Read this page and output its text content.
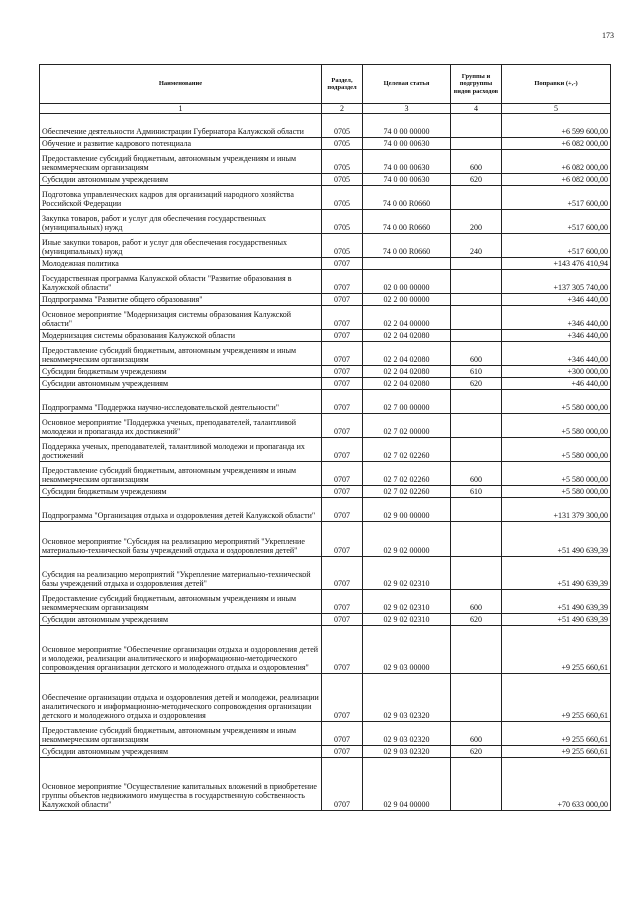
173
Наименование	Раздел, подраздел	Целевая статья	Группы и подгруппы видов расходов	Поправки (+,-)
1	2	3	4	5
Обеспечение деятельности Администрации Губернатора Калужской области	0705	74 0 00 00000		+6 599 600,00
Обучение и развитие кадрового потенциала	0705	74 0 00 00630		+6 082 000,00
Предоставление субсидий бюджетным, автономным учреждениям и иным некоммерческим организациям	0705	74 0 00 00630	600	+6 082 000,00
Субсидии автономным учреждениям	0705	74 0 00 00630	620	+6 082 000,00
Подготовка управленческих кадров для организаций народного хозяйства Российской Федерации	0705	74 0 00 R0660		+517 600,00
Закупка товаров, работ и услуг для обеспечения государственных (муниципальных) нужд	0705	74 0 00 R0660	200	+517 600,00
Иные закупки товаров, работ и услуг для обеспечения государственных (муниципальных) нужд	0705	74 0 00 R0660	240	+517 600,00
Молодежная политика	0707			+143 476 410,94
Государственная программа Калужской области "Развитие образования в Калужской области"	0707	02 0 00 00000		+137 305 740,00
Подпрограмма "Развитие общего образования"	0707	02 2 00 00000		+346 440,00
Основное мероприятие "Модернизация системы образования Калужской области"	0707	02 2 04 00000		+346 440,00
Модернизация системы образования Калужской области	0707	02 2 04 02080		+346 440,00
Предоставление субсидий бюджетным, автономным учреждениям и иным некоммерческим организациям	0707	02 2 04 02080	600	+346 440,00
Субсидии бюджетным учреждениям	0707	02 2 04 02080	610	+300 000,00
Субсидии автономным учреждениям	0707	02 2 04 02080	620	+46 440,00
Подпрограмма "Поддержка научно-исследовательской деятельности"	0707	02 7 00 00000		+5 580 000,00
Основное мероприятие "Поддержка ученых, преподавателей, талантливой молодежи и пропаганда их достижений"	0707	02 7 02 00000		+5 580 000,00
Поддержка ученых, преподавателей, талантливой молодежи и пропаганда их достижений	0707	02 7 02 02260		+5 580 000,00
Предоставление субсидий бюджетным, автономным учреждениям и иным некоммерческим организациям	0707	02 7 02 02260	600	+5 580 000,00
Субсидии бюджетным учреждениям	0707	02 7 02 02260	610	+5 580 000,00
Подпрограмма "Организация отдыха и оздоровления детей Калужской области"	0707	02 9 00 00000		+131 379 300,00
Основное мероприятие "Субсидия на реализацию мероприятий "Укрепление материально-технической базы учреждений отдыха и оздоровления детей"	0707	02 9 02 00000		+51 490 639,39
Субсидия на реализацию мероприятий "Укрепление материально-технической базы учреждений отдыха и оздоровления детей"	0707	02 9 02 02310		+51 490 639,39
Предоставление субсидий бюджетным, автономным учреждениям и иным некоммерческим организациям	0707	02 9 02 02310	600	+51 490 639,39
Субсидии автономным учреждениям	0707	02 9 02 02310	620	+51 490 639,39
Основное мероприятие "Обеспечение организации отдыха и оздоровления детей и молодежи, реализации аналитического и информационно-методического сопровождения организации детского и молодежного отдыха и оздоровления"	0707	02 9 03 00000		+9 255 660,61
Обеспечение организации отдыха и оздоровления детей и молодежи, реализации аналитического и информационно-методического сопровождения организации детского и молодежного отдыха и оздоровления	0707	02 9 03 02320		+9 255 660,61
Предоставление субсидий бюджетным, автономным учреждениям и иным некоммерческим организациям	0707	02 9 03 02320	600	+9 255 660,61
Субсидии автономным учреждениям	0707	02 9 03 02320	620	+9 255 660,61
Основное мероприятие "Осуществление капитальных вложений в приобретение группы объектов недвижимого имущества в государственную собственность Калужской области"	0707	02 9 04 00000		+70 633 000,00
